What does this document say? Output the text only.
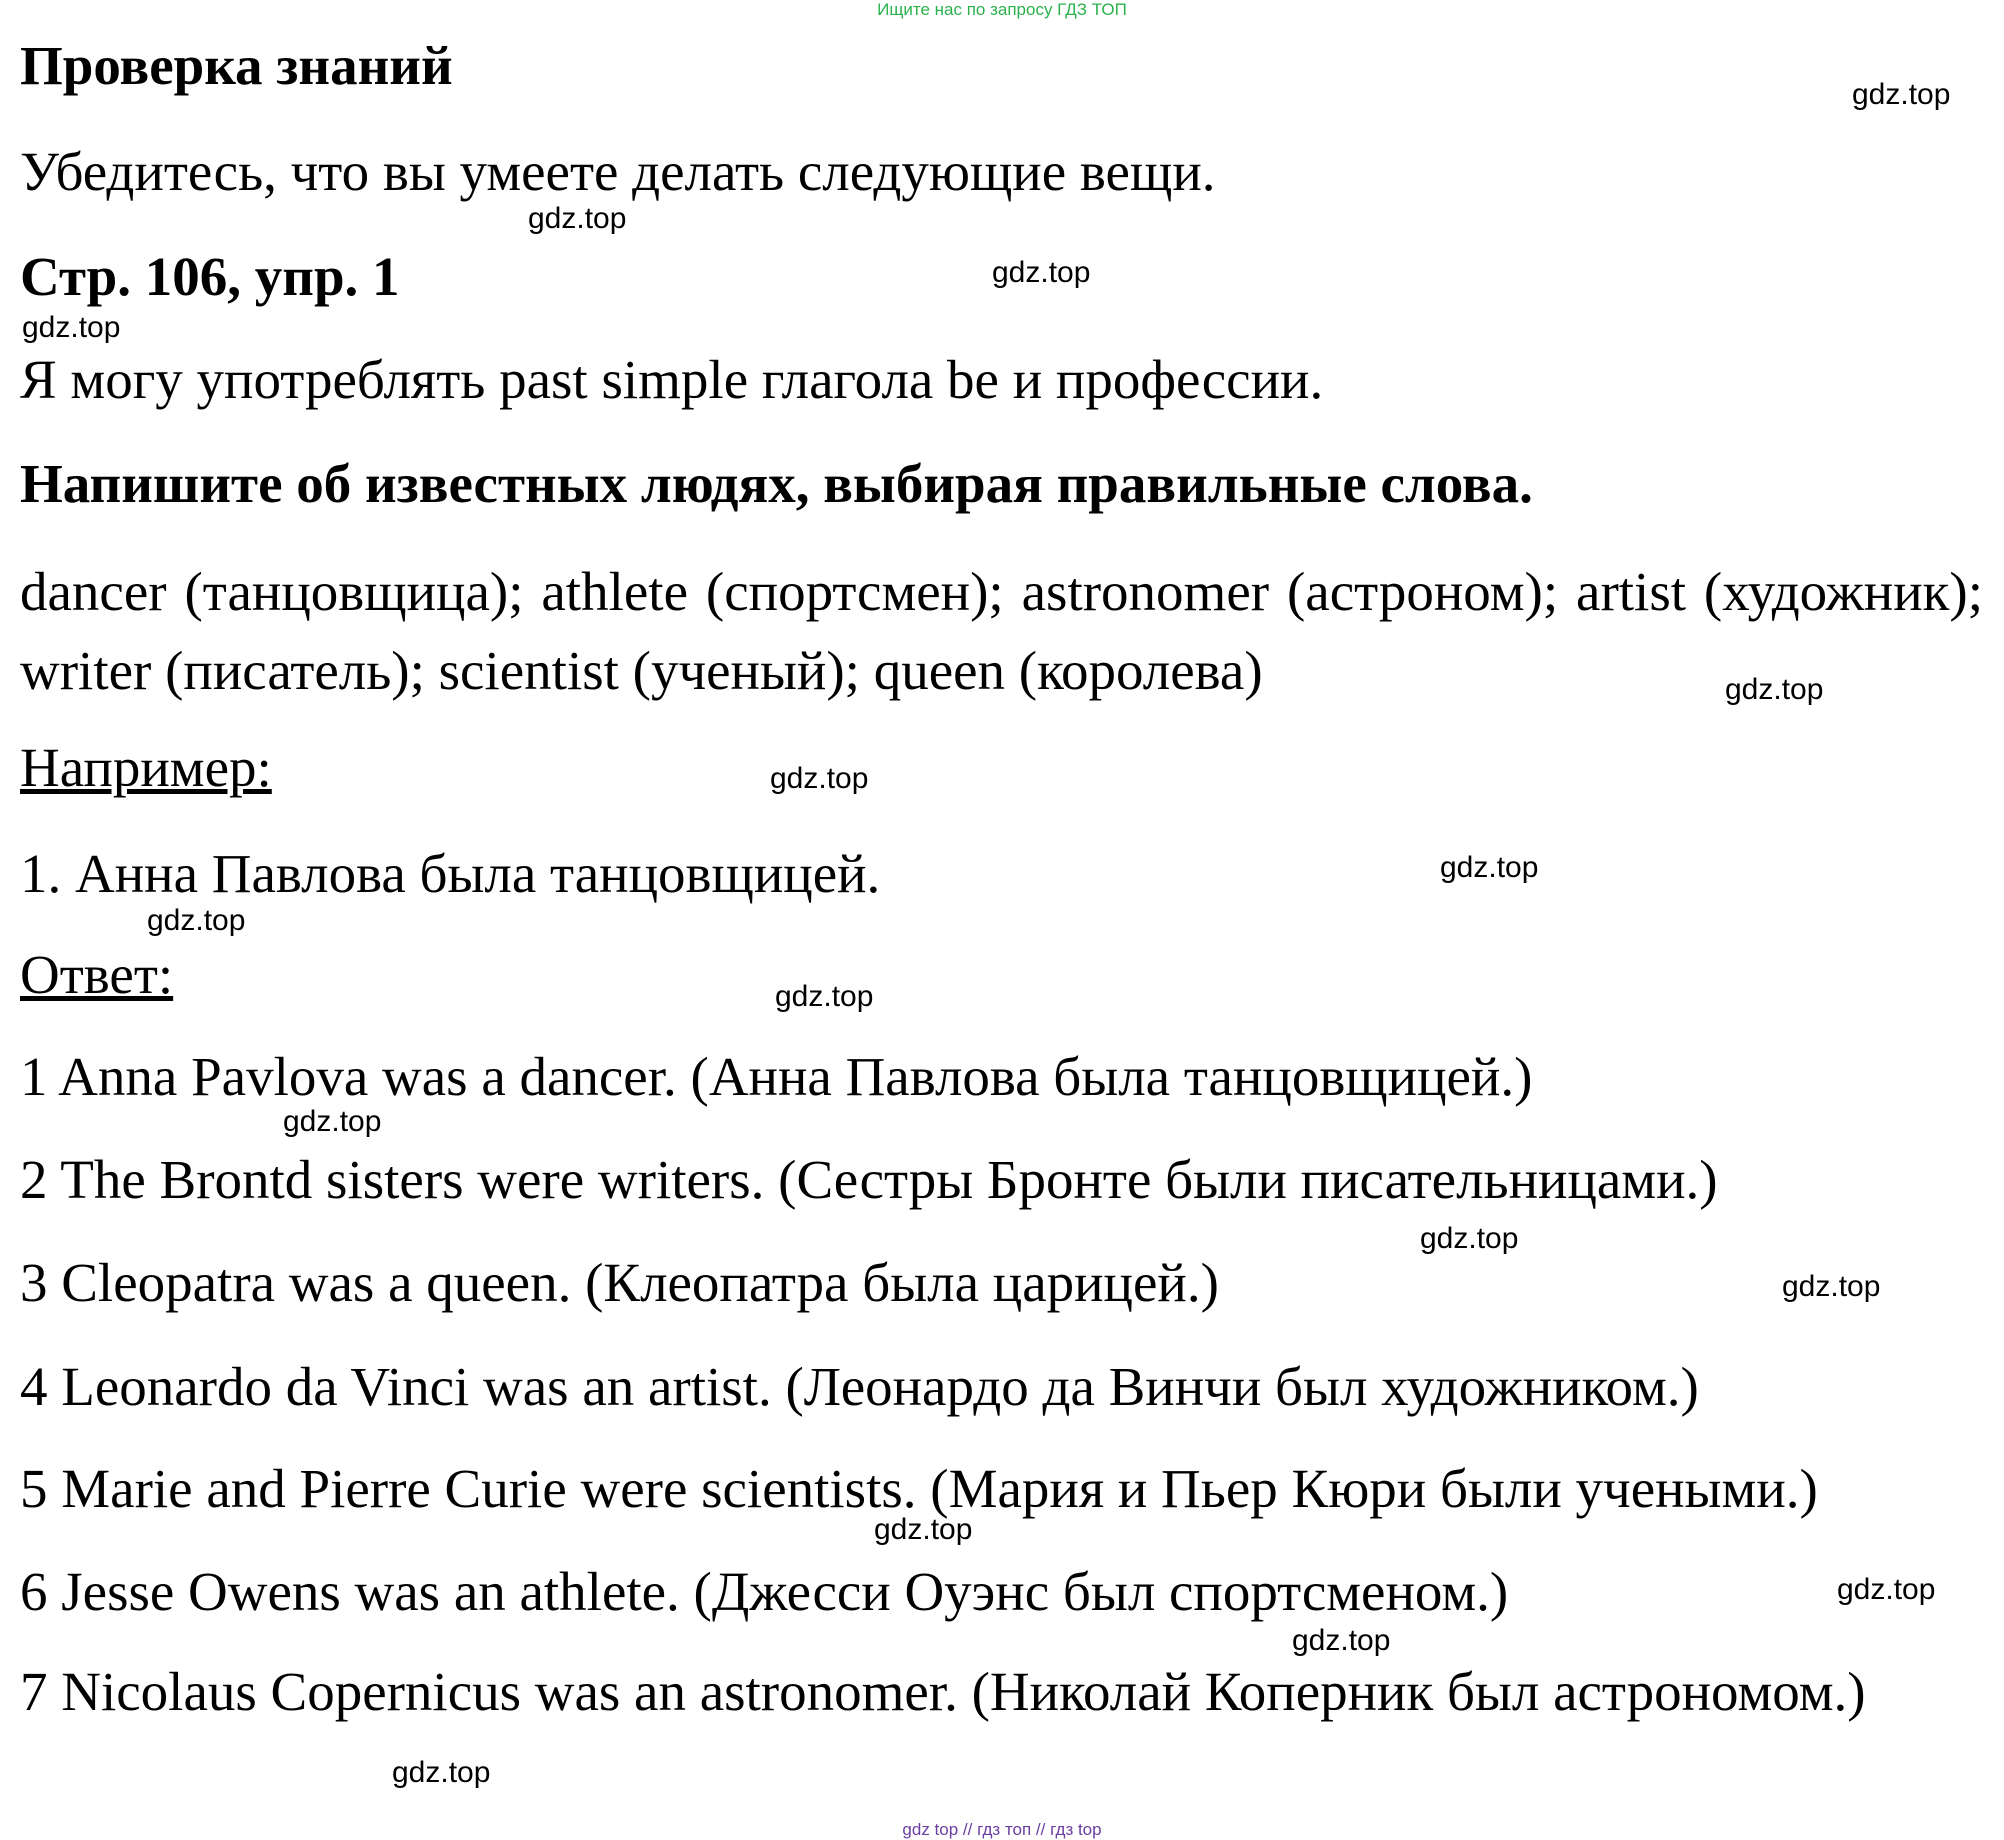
Ищите нас по запросу ГДЗ ТОП
Проверка знаний
Убедитесь, что вы умеете делать следующие вещи.
Стр. 106, упр. 1
Я могу употреблять past simple глагола be и профессии.
Напишите об известных людях, выбирая правильные слова.
dancer (танцовщица); athlete (спортсмен); astronomer (астроном); artist (художник); writer (писатель); scientist (ученый); queen (королева)
Например:
1. Анна Павлова была танцовщицей.
Ответ:
1 Anna Pavlova was a dancer. (Анна Павлова была танцовщицей.)
2 The Brontd sisters were writers. (Сестры Бронте были писательницами.)
3 Cleopatra was a queen. (Клеопатра была царицей.)
4 Leonardo da Vinci was an artist. (Леонардо да Винчи был художником.)
5 Marie and Pierre Curie were scientists. (Мария и Пьер Кюри были учеными.)
6 Jesse Owens was an athlete. (Джесси Оуэнс был спортсменом.)
7 Nicolaus Copernicus was an astronomer. (Николай Коперник был астрономом.)
gdz.top
gdz.top
gdz.top
gdz.top
gdz.top
gdz.top
gdz.top
gdz.top
gdz.top
gdz.top
gdz.top
gdz.top
gdz.top
gdz.top
gdz.top
gdz.top
gdz top // гдз топ // гдз top
